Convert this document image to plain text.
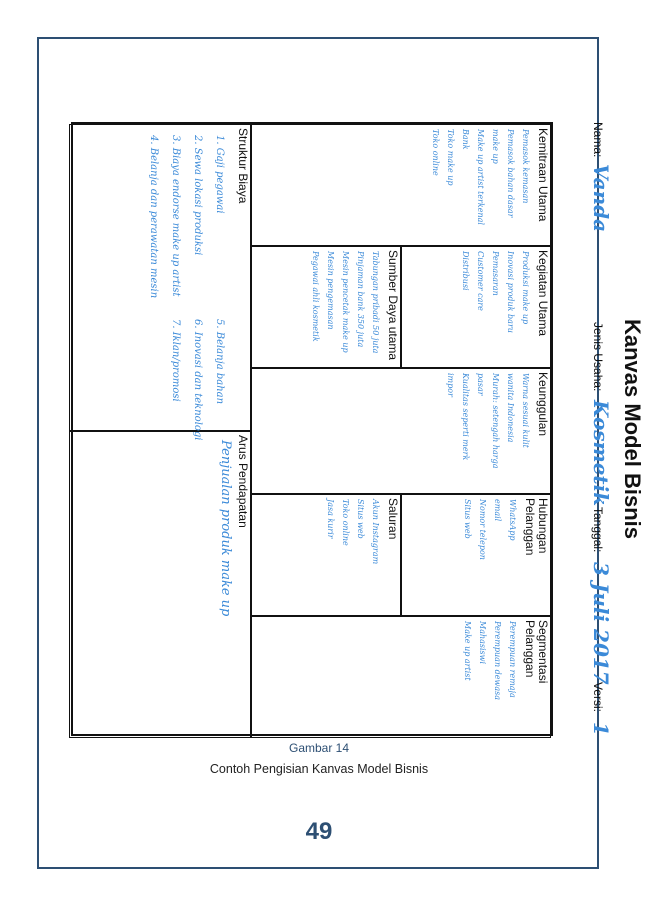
Kanvas Model Bisnis
Nama:
Vanda
Jenis Usaha:
Kosmetik
Tanggal:
3 Juli 2017
Versi:
1
Kemitraan Utama
Pemasok kemasan
Pemasok bahan dasar
make up
Make up artist terkenal
Bank
Toko make up
Toko online
Kegiatan Utama
Produksi make up
Inovasi produk baru
Pemasaran
Customer care
Distribusi
Sumber Daya utama
Tabungan pribadi 50 juta
Pinjaman bank 350 juta
Mesin pencetak make up
Mesin pengemasan
Pegawai ahli kosmetik
Keunggulan
Warna sesuai kulit
wanita Indonesia
Murah: setengah harga
pasar
Kualitas seperti merk
impor
Hubungan Pelanggan
WhatsApp
email
Nomor telepon
Situs web
Saluran
Akun Instagram
Situs web
Toko online
Jasa kurir
Segmentasi Pelanggan
Perempuan remaja
Perempuan dewasa
Mahasiswi
Make up artist
Struktur Biaya
1. Gaji pegawai
2. Sewa lokasi produksi
3. Biaya endorse make up artist
4. Belanja dan perawatan mesin
5. Belanja bahan
6. Inovasi dan teknologi
7. Iklan/promosi
Arus Pendapatan
Penjualan produk make up
Gambar 14
Contoh Pengisian Kanvas Model Bisnis
49
